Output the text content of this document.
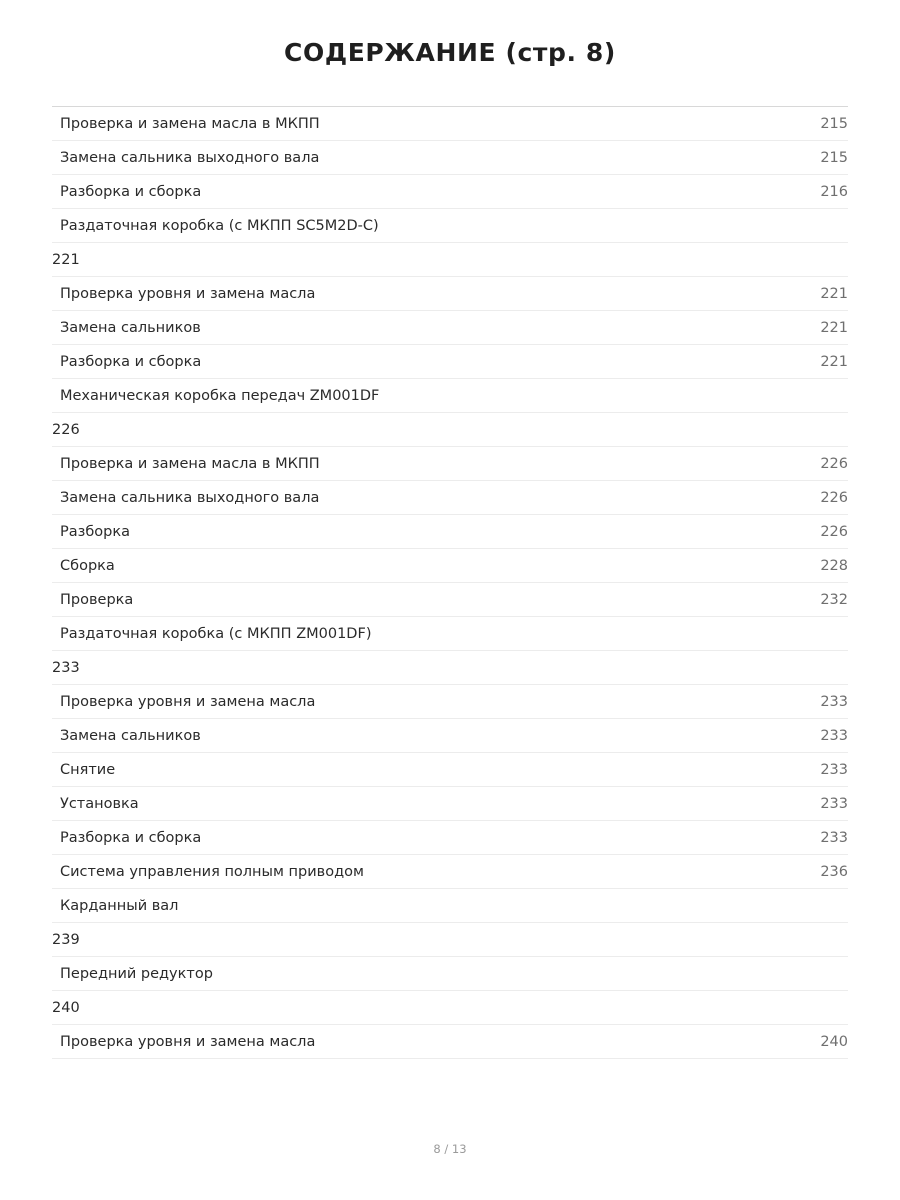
СОДЕРЖАНИЕ (стр. 8)
Проверка и замена масла в МКПП	215
Замена сальника выходного вала	215
Разборка и сборка	216
Раздаточная коробка (с МКПП SC5M2D-C)
221
Проверка уровня и замена масла	221
Замена сальников	221
Разборка и сборка	221
Механическая коробка передач ZM001DF
226
Проверка и замена масла в МКПП	226
Замена сальника выходного вала	226
Разборка	226
Сборка	228
Проверка	232
Раздаточная коробка (с МКПП ZM001DF)
233
Проверка уровня и замена масла	233
Замена сальников	233
Снятие	233
Установка	233
Разборка и сборка	233
Система управления полным приводом	236
Карданный вал
239
Передний редуктор
240
Проверка уровня и замена масла	240
8 / 13
